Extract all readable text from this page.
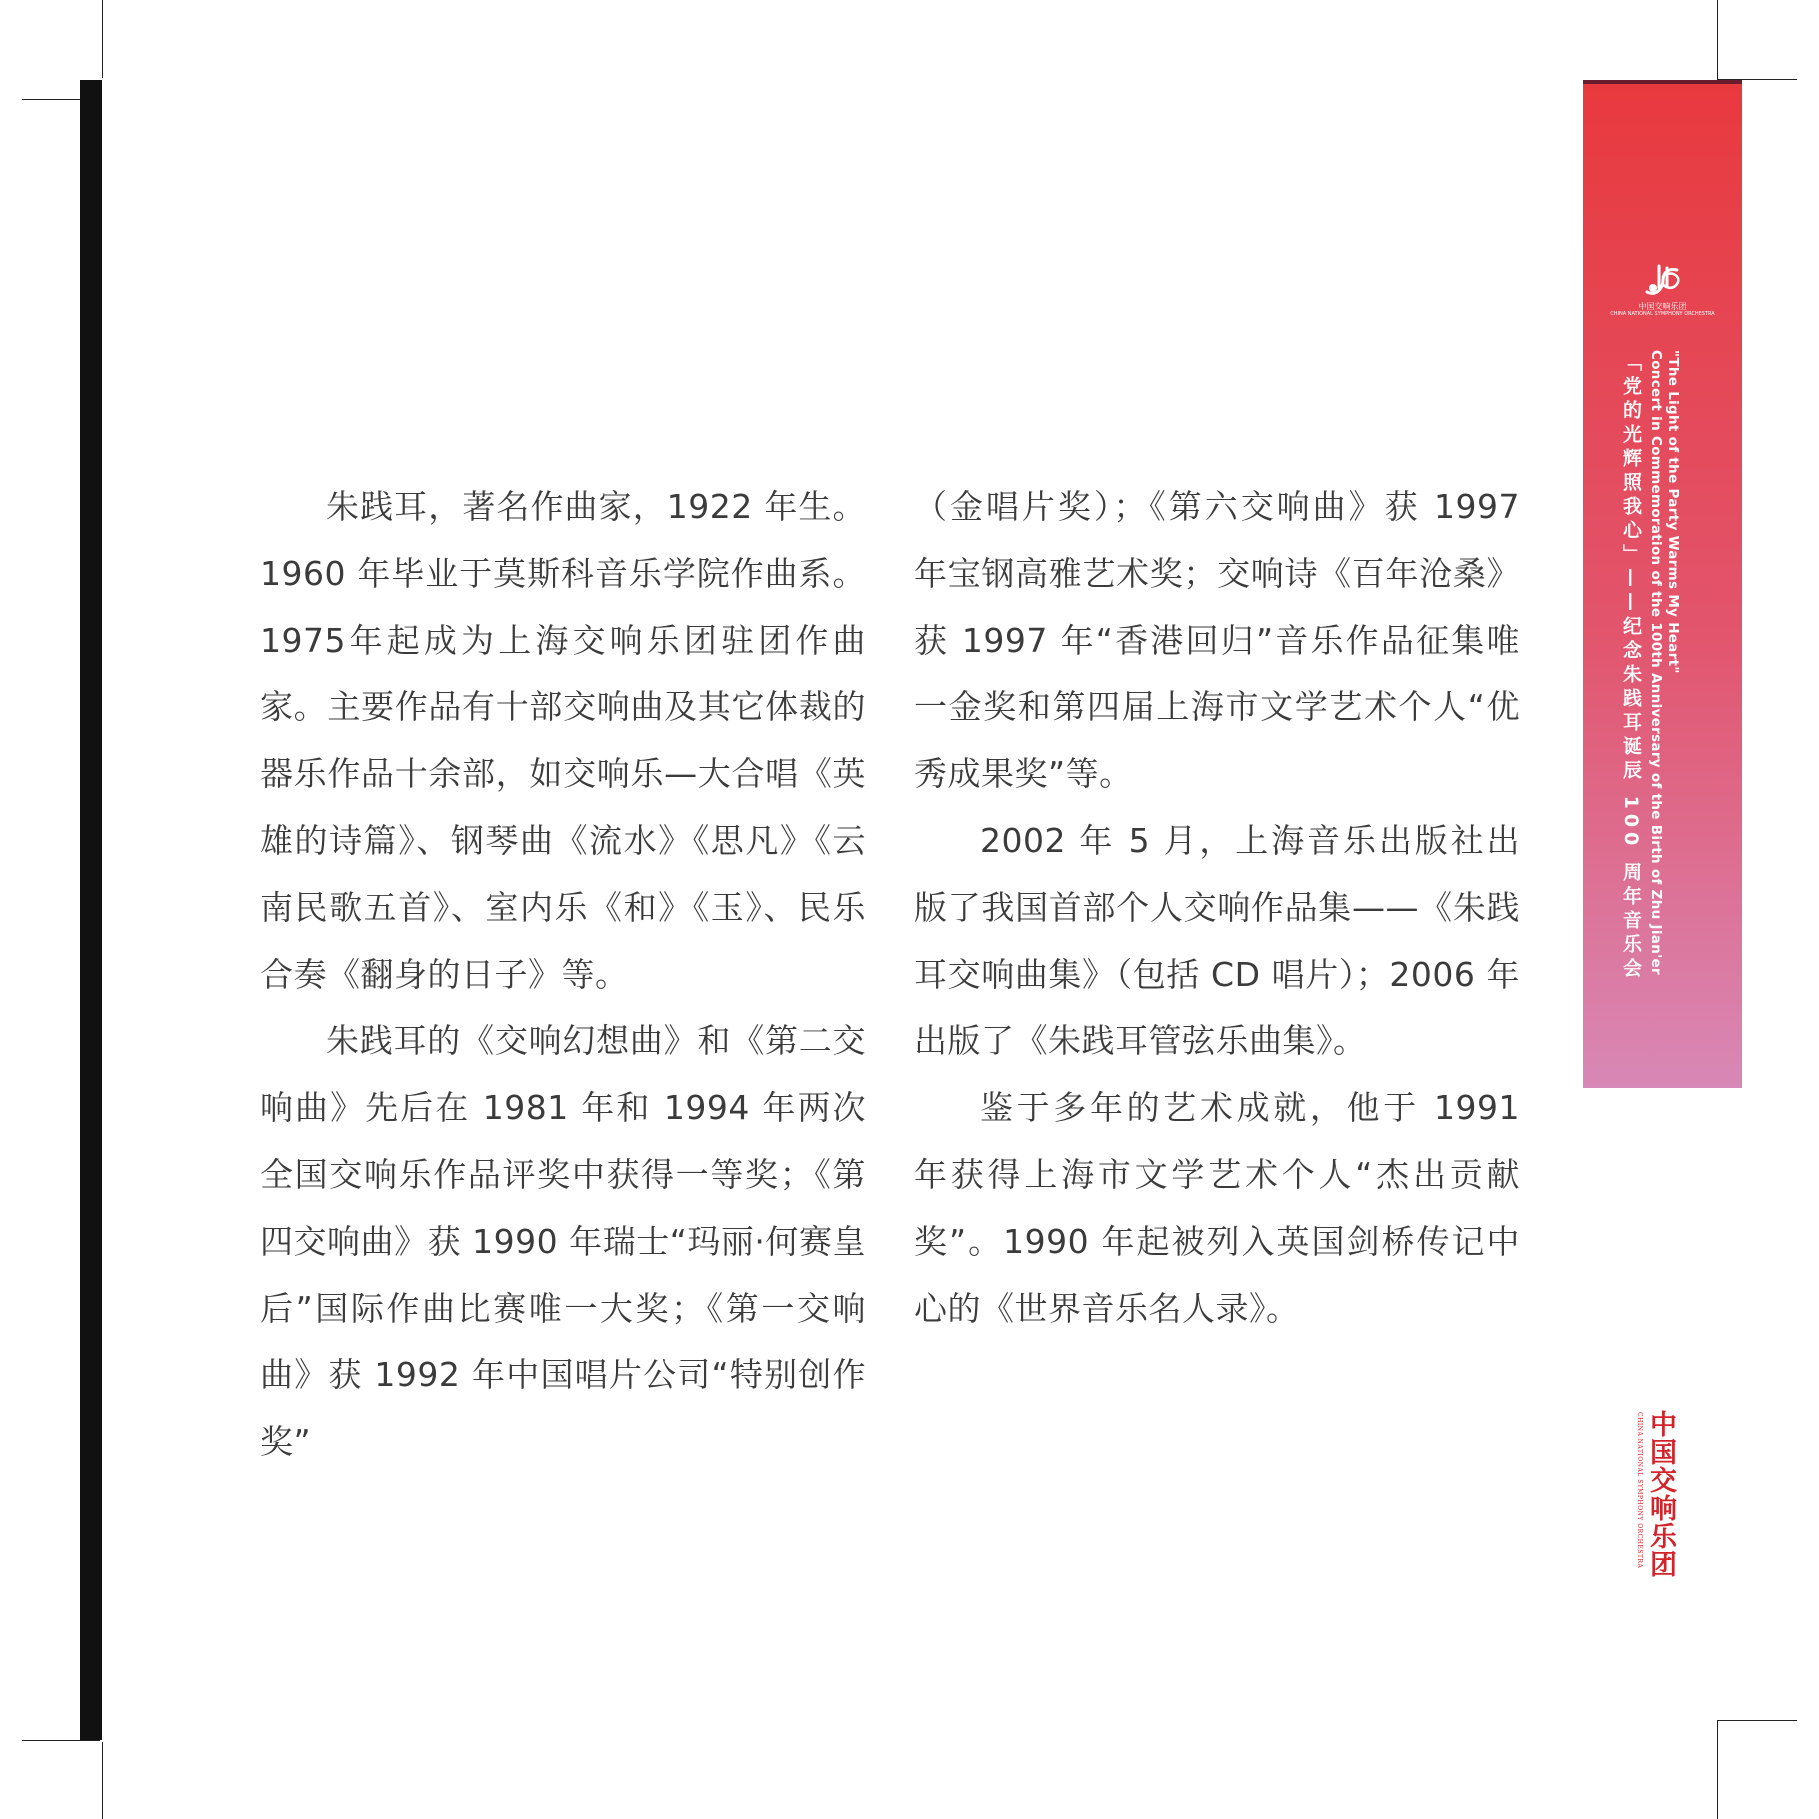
朱践耳，著名作曲家，1922 年生。1960 年毕业于莫斯科音乐学院作曲系。1975年起成为上海交响乐团驻团作曲家。主要作品有十部交响曲及其它体裁的器乐作品十余部，如交响乐—大合唱《英雄的诗篇》、钢琴曲《流水》《思凡》《云南民歌五首》、室内乐《和》《玉》、民乐合奏《翻身的日子》等。

朱践耳的《交响幻想曲》和《第二交响曲》先后在 1981 年和 1994 年两次全国交响乐作品评奖中获得一等奖；《第四交响曲》获 1990 年瑞士“玛丽·何赛皇后”国际作曲比赛唯一大奖；《第一交响曲》获 1992 年中国唱片公司“特别创作奖”

（金唱片奖）；《第六交响曲》获 1997 年宝钢高雅艺术奖；交响诗《百年沧桑》获 1997 年“香港回归”音乐作品征集唯一金奖和第四届上海市文学艺术个人“优秀成果奖”等。

2002 年 5 月，上海音乐出版社出版了我国首部个人交响作品集——《朱践耳交响曲集》（包括 CD 唱片）；2006 年出版了《朱践耳管弦乐曲集》。

鉴于多年的艺术成就，他于 1991 年获得上海市文学艺术个人“杰出贡献奖”。1990 年起被列入英国剑桥传记中心的《世界音乐名人录》。

中国交响乐团
CHINA NATIONAL SYMPHONY ORCHESTRA
"The Light of the Party Warms My Heart"
Concert in Commemoration of the 100th Anniversary of the Birth of Zhu Jian'er
「党的光辉照我心」——纪念朱践耳诞辰 100 周年音乐会
中国交响乐团
CHINA NATIONAL SYMPHONY ORCHESTRA
